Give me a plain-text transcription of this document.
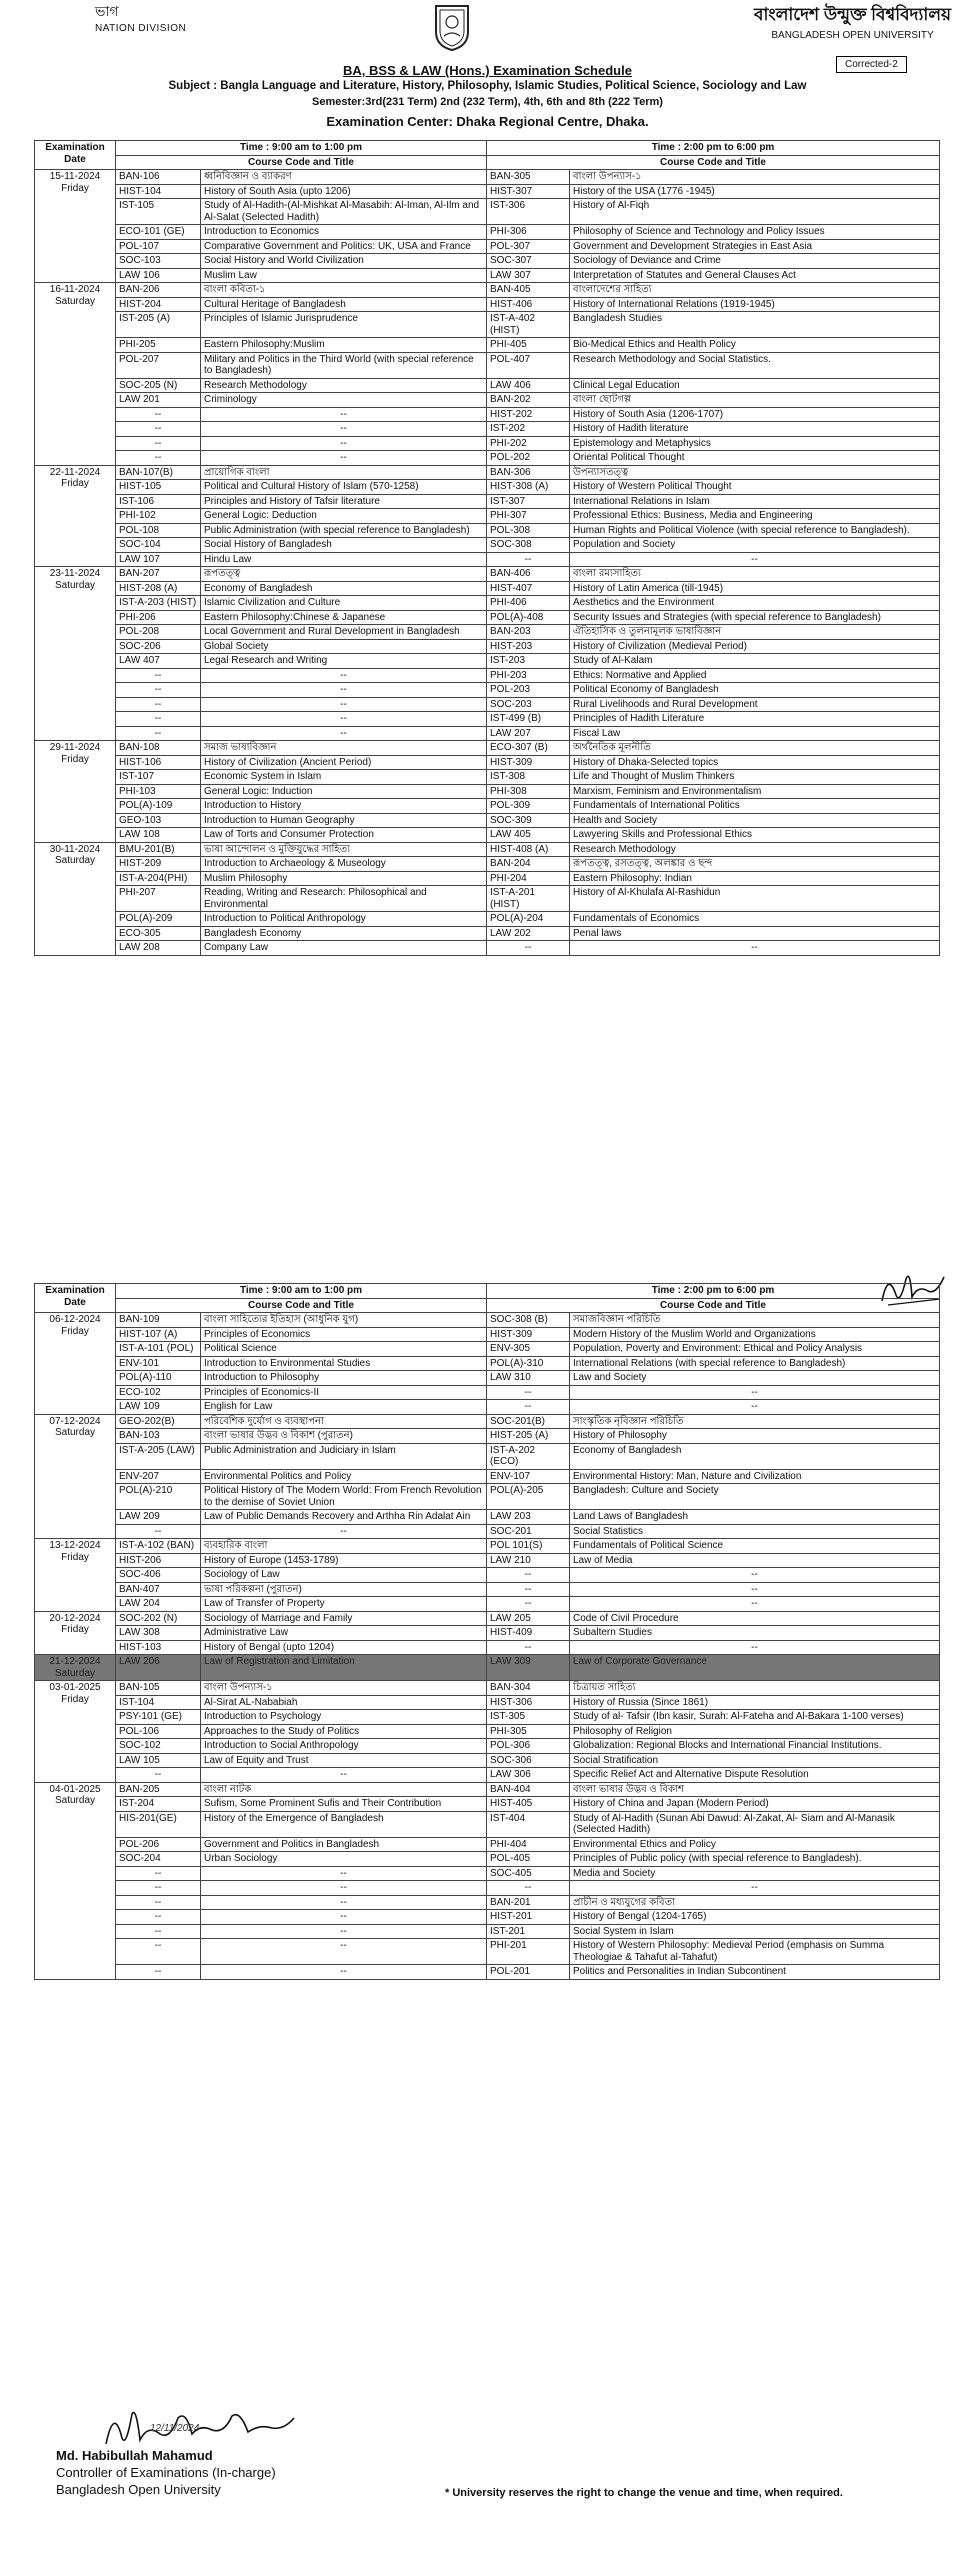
ভাগ
NATION DIVISION
বাংলাদেশ উন্মুক্ত বিশ্ববিদ্যালয়
BANGLADESH OPEN UNIVERSITY
Corrected-2
BA, BSS & LAW (Hons.) Examination Schedule
Subject : Bangla Language and Literature, History, Philosophy, Islamic Studies, Political Science, Sociology and Law
Semester:3rd(231 Term) 2nd (232 Term), 4th, 6th and 8th (222 Term)
Examination Center: Dhaka Regional Centre, Dhaka.
Examination Date	Time : 9:00 am to 1:00 pm		Time : 2:00 pm to 6:00 pm	
	Course Code and Title		Course Code and Title	

15-11-2024
Friday	BAN-106	ধ্বনিবিজ্ঞান ও ব্যাকরণ	BAN-305	বাংলা উপন্যাস-১
	HIST-104	History of South Asia (upto 1206)	HIST-307	History of the USA (1776 -1945)
	IST-105	Study of Al-Hadith-(Al-Mishkat Al-Masabih: Al-Iman, Al-Ilm and Al-Salat (Selected Hadith)	IST-306	History of Al-Fiqh
	ECO-101 (GE)	Introduction to Economics	PHI-306	Philosophy of Science and Technology and Policy Issues
	POL-107	Comparative Government and Politics: UK, USA and France	POL-307	Government and Development Strategies in East Asia
	SOC-103	Social History and World Civilization	SOC-307	Sociology of Deviance and Crime
	LAW 106	Muslim Law	LAW 307	Interpretation of Statutes and General Clauses Act

16-11-2024
Saturday	BAN-206	বাংলা কবিতা-১	BAN-405	বাংলাদেশের সাহিত্য
	HIST-204	Cultural Heritage of Bangladesh	HIST-406	History of International Relations (1919-1945)
	IST-205 (A)	Principles of Islamic Jurisprudence	IST-A-402 (HIST)	Bangladesh Studies
	PHI-205	Eastern Philosophy:Muslim	PHI-405	Bio-Medical Ethics and Health Policy
	POL-207	Military and Politics in the Third World (with special reference to Bangladesh)	POL-407	Research Methodology and Social Statistics.
	SOC-205 (N)	Research Methodology	LAW 406	Clinical Legal Education
	LAW 201	Criminology	BAN-202	বাংলা ছোটগল্প
	--	--	HIST-202	History of South Asia (1206-1707)
	--	--	IST-202	History of Hadith literature
	--	--	PHI-202	Epistemology and Metaphysics
	--	--	POL-202	Oriental Political Thought

22-11-2024
Friday	BAN-107(B)	প্রায়োগিক বাংলা	BAN-306	উপন্যাসতত্ত্ব
	HIST-105	Political and Cultural History of Islam (570-1258)	HIST-308 (A)	History of Western Political Thought
	IST-106	Principles and History of Tafsir literature	IST-307	International Relations in Islam
	PHI-102	General Logic: Deduction	PHI-307	Professional Ethics: Business, Media and Engineering
	POL-108	Public Administration (with special reference to Bangladesh)	POL-308	Human Rights and Political Violence (with special reference to Bangladesh).
	SOC-104	Social History of Bangladesh	SOC-308	Population and Society
	LAW 107	Hindu Law	--	--

23-11-2024
Saturday	BAN-207	রূপতত্ত্ব	BAN-406	বাংলা রম্যসাহিত্য
	HIST-208 (A)	Economy of Bangladesh	HIST-407	History of Latin America (till-1945)
	IST-A-203 (HIST)	Islamic Civilization and Culture	PHI-406	Aesthetics and the Environment
	PHI-206	Eastern Philosophy:Chinese & Japanese	POL(A)-408	Security Issues and Strategies (with special reference to Bangladesh)
	POL-208	Local Government and Rural Development in Bangladesh	BAN-203	ঐতিহাসিক ও তুলনামূলক ভাষাবিজ্ঞান
	SOC-206	Global Society	HIST-203	History of Civilization (Medieval Period)
	LAW 407	Legal Research and Writing	IST-203	Study of Al-Kalam
	--	--	PHI-203	Ethics: Normative and Applied
	--	--	POL-203	Political Economy of Bangladesh
	--	--	SOC-203	Rural Livelihoods and Rural Development
	--	--	IST-499 (B)	Principles of Hadith Literature
	--	--	LAW 207	Fiscal Law

29-11-2024
Friday	BAN-108	সমাজ ভাষাবিজ্ঞান	ECO-307 (B)	অর্থনৈতিক মূলনীতি
	HIST-106	History of Civilization (Ancient Period)	HIST-309	History of Dhaka-Selected topics
	IST-107	Economic System in Islam	IST-308	Life and Thought of Muslim Thinkers
	PHI-103	General Logic: Induction	PHI-308	Marxism, Feminism and Environmentalism
	POL(A)-109	Introduction to History	POL-309	Fundamentals of International Politics
	GEO-103	Introduction to Human Geography	SOC-309	Health and Society
	LAW 108	Law of Torts and Consumer Protection	LAW 405	Lawyering Skills and Professional Ethics

30-11-2024
Saturday	BMU-201(B)	ভাষা আন্দোলন ও মুক্তিযুদ্ধের সাহিত্য	HIST-408 (A)	Research Methodology
	HIST-209	Introduction to Archaeology & Museology	BAN-204	রূপতত্ত্ব, রসতত্ত্ব, অলঙ্কার ও ছন্দ
	IST-A-204(PHI)	Muslim Philosophy	PHI-204	Eastern Philosophy: Indian
	PHI-207	Reading, Writing and Research: Philosophical and Environmental	IST-A-201 (HIST)	History of Al-Khulafa Al-Rashidun
	POL(A)-209	Introduction to Political Anthropology	POL(A)-204	Fundamentals of Economics
	ECO-305	Bangladesh Economy	LAW 202	Penal laws
	LAW 208	Company Law	--	--
Examination Date	Time : 9:00 am to 1:00 pm		Time : 2:00 pm to 6:00 pm	
	Course Code and Title		Course Code and Title	

06-12-2024
Friday	BAN-109	বাংলা সাহিত্যের ইতিহাস (আধুনিক যুগ)	SOC-308 (B)	সমাজবিজ্ঞান পরিচিতি
	HIST-107 (A)	Principles of Economics	HIST-309	Modern History of the Muslim World and Organizations
	IST-A-101 (POL)	Political Science	ENV-305	Population, Poverty and Environment: Ethical and Policy Analysis
	ENV-101	Introduction to Environmental Studies	POL(A)-310	International Relations (with special reference to Bangladesh)
	POL(A)-110	Introduction to Philosophy	LAW 310	Law and Society
	ECO-102	Principles of Economics-II	--	--
	LAW 109	English for Law	--	--

07-12-2024
Saturday	GEO-202(B)	পরিবেশিক দুর্যোগ ও ব্যবস্থাপনা	SOC-201(B)	সাংস্কৃতিক নৃবিজ্ঞান পরিচিতি
	BAN-103	বাংলা ভাষার উদ্ভব ও বিকাশ (পুরাতন)	HIST-205 (A)	History of Philosophy
	IST-A-205 (LAW)	Public Administration and Judiciary in Islam	IST-A-202 (ECO)	Economy of Bangladesh
	ENV-207	Environmental Politics and Policy	ENV-107	Environmental History: Man, Nature and Civilization
	POL(A)-210	Political History of The Modern World: From French Revolution to the demise of Soviet Union	POL(A)-205	Bangladesh: Culture and Society
	LAW 209	Law of Public Demands Recovery and Arthha Rin Adalat Ain	LAW 203	Land Laws of Bangladesh
	--	--	SOC-201	Social Statistics

13-12-2024
Friday	IST-A-102 (BAN)	ব্যবহারিক বাংলা	POL 101(S)	Fundamentals of Political Science
	HIST-206	History of Europe (1453-1789)	LAW 210	Law of Media
	SOC-406	Sociology of Law	--	--
	BAN-407	ভাষা পরিকল্পনা (পুরাতন)	--	--
	LAW 204	Law of Transfer of Property	--	--

20-12-2024
Friday	SOC-202 (N)	Sociology of Marriage and Family	LAW 205	Code of Civil Procedure
	LAW 308	Administrative Law	HIST-409	Subaltern Studies
	HIST-103	History of Bengal (upto 1204)	--	--

21-12-2024
Saturday	LAW 206	Law of Registration and Limitation	LAW 309	Law of Corporate Governance

03-01-2025
Friday	BAN-105	বাংলা উপন্যাস-১	BAN-304	চিত্রায়ত সাহিত্য
	IST-104	Al-Sirat AL-Nababiah	HIST-306	History of Russia (Since 1861)
	PSY-101 (GE)	Introduction to Psychology	IST-305	Study of al- Tafsir (Ibn kasir, Surah: Al-Fateha and Al-Bakara 1-100 verses)
	POL-106	Approaches to the Study of Politics	PHI-305	Philosophy of Religion
	SOC-102	Introduction to Social Anthropology	POL-306	Globalization: Regional Blocks and International Financial Institutions.
	LAW 105	Law of Equity and Trust	SOC-306	Social Stratification
	--	--	LAW 306	Specific Relief Act and Alternative Dispute Resolution

04-01-2025
Saturday	BAN-205	বাংলা নাটক	BAN-404	বাংলা ভাষার উদ্ভব ও বিকাশ
	IST-204	Sufism, Some Prominent Sufis and Their Contribution	HIST-405	History of China and Japan (Modern Period)
	HIS-201(GE)	History of the Emergence of Bangladesh	IST-404	Study of Al-Hadith (Sunan Abi Dawud: Al-Zakat, Al- Siam and Al-Manasik (Selected Hadith)
	POL-206	Government and Politics in Bangladesh	PHI-404	Environmental Ethics and Policy
	SOC-204	Urban Sociology	POL-405	Principles of Public policy (with special reference to Bangladesh).
	--	--	SOC-405	Media and Society
	--	--	--	--
	--	--	BAN-201	প্রাচীন ও মধ্যযুগের কবিতা
	--	--	HIST-201	History of Bengal (1204-1765)
	--	--	IST-201	Social System in Islam
	--	--	PHI-201	History of Western Philosophy: Medieval Period (emphasis on Summa Theologiae & Tahafut al-Tahafut)
	--	--	POL-201	Politics and Personalities in Indian Subcontinent
Md. Habibullah Mahamud
Controller of Examinations (In-charge)
Bangladesh Open University
12/11/2024
* University reserves the right to change the venue and time, when required.
